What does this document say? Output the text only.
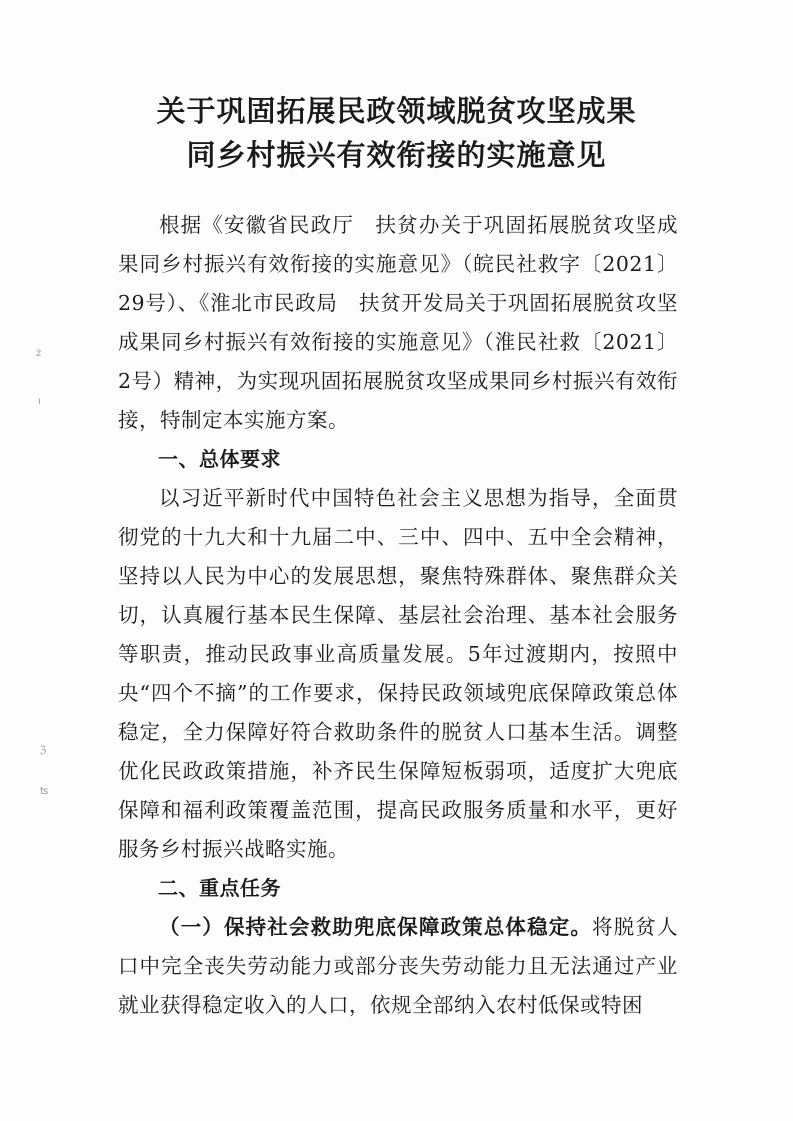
关于巩固拓展民政领域脱贫攻坚成果
同乡村振兴有效衔接的实施意见

根据《安徽省民政厅　扶贫办关于巩固拓展脱贫攻坚成果同乡村振兴有效衔接的实施意见》（皖民社救字〔2021〕29号）、《淮北市民政局　扶贫开发局关于巩固拓展脱贫攻坚成果同乡村振兴有效衔接的实施意见》（淮民社救〔2021〕2号）精神，为实现巩固拓展脱贫攻坚成果同乡村振兴有效衔接，特制定本实施方案。

一、总体要求

以习近平新时代中国特色社会主义思想为指导，全面贯彻党的十九大和十九届二中、三中、四中、五中全会精神，坚持以人民为中心的发展思想，聚焦特殊群体、聚焦群众关切，认真履行基本民生保障、基层社会治理、基本社会服务等职责，推动民政事业高质量发展。5年过渡期内，按照中央“四个不摘”的工作要求，保持民政领域兜底保障政策总体稳定，全力保障好符合救助条件的脱贫人口基本生活。调整优化民政政策措施，补齐民生保障短板弱项，适度扩大兜底保障和福利政策覆盖范围，提高民政服务质量和水平，更好服务乡村振兴战略实施。

二、重点任务

（一）保持社会救助兜底保障政策总体稳定。将脱贫人口中完全丧失劳动能力或部分丧失劳动能力且无法通过产业就业获得稳定收入的人口，依规全部纳入农村低保或特困

ż
ı
ℨ
ʦ
